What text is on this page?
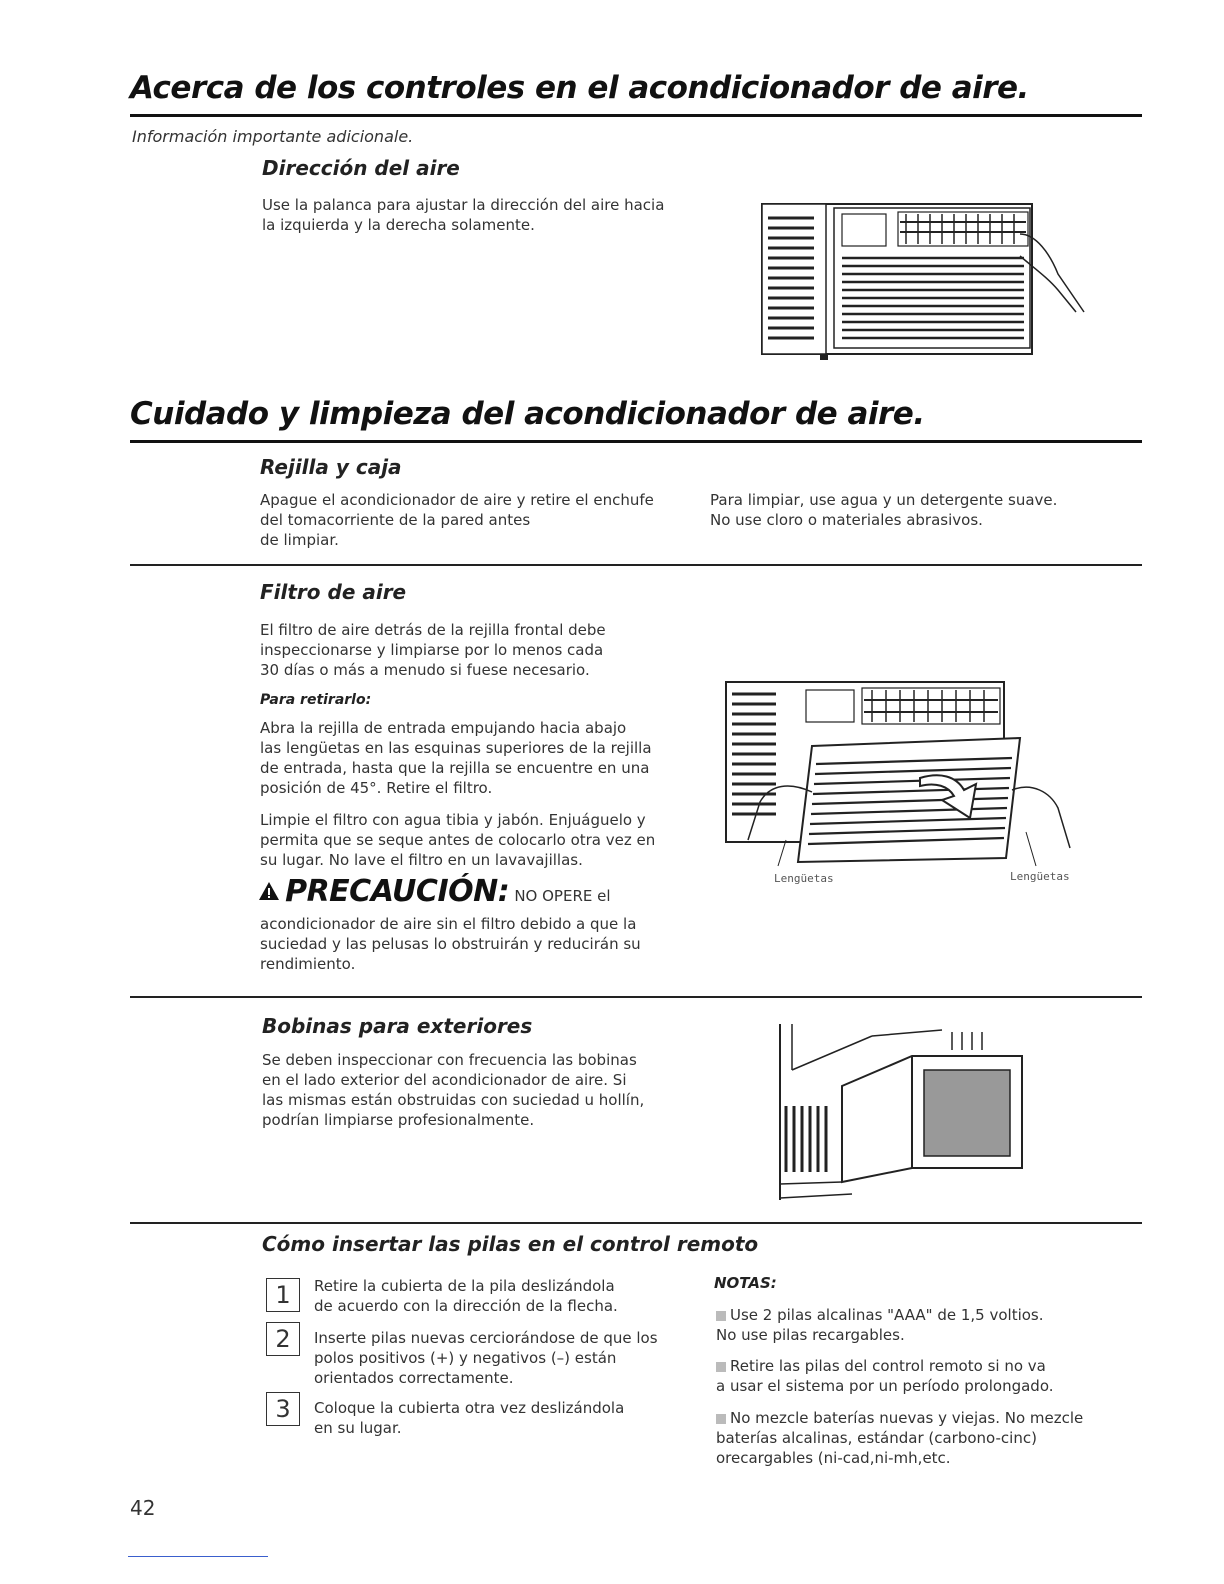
Acerca de los controles en el acondicionador de aire.
Información importante adicionale.
Dirección del aire
Use la palanca para ajustar la dirección del aire hacia
la izquierda y la derecha solamente.
Cuidado y limpieza del acondicionador de aire.
Rejilla y caja
Apague el acondicionador de aire y retire el enchufe
del tomacorriente de la pared antes
de limpiar.
Para limpiar, use agua y un detergente suave.
No use cloro o materiales abrasivos.
Filtro de aire
El filtro de aire detrás de la rejilla frontal debe
inspeccionarse y limpiarse por lo menos cada
30 días o más a menudo si fuese necesario.
Para retirarlo:
Abra la rejilla de entrada empujando hacia abajo
las lengüetas en las esquinas superiores de la rejilla
de entrada, hasta que la rejilla se encuentre en una
posición de 45°. Retire el filtro.
Limpie el filtro con agua tibia y jabón. Enjuáguelo y
permita que se seque antes de colocarlo otra vez en
su lugar. No lave el filtro en un lavavajillas.
PRECAUCIÓN: NO OPERE el
acondicionador de aire sin el filtro debido a que la
suciedad y las pelusas lo obstruirán y reducirán su
rendimiento.
Lengüetas	Lengüetas
Bobinas para exteriores
Se deben inspeccionar con frecuencia las bobinas
en el lado exterior del acondicionador de aire. Si
las mismas están obstruidas con suciedad u hollín,
podrían limpiarse profesionalmente.
Cómo insertar las pilas en el control remoto
1	Retire la cubierta de la pila deslizándola
de acuerdo con la dirección de la flecha.
2	Inserte pilas nuevas cerciorándose de que los
polos positivos (+) y negativos (–) están
orientados correctamente.
3	Coloque la cubierta otra vez deslizándola
en su lugar.
NOTAS:
Use 2 pilas alcalinas "AAA" de 1,5 voltios.
No use pilas recargables.
Retire las pilas del control remoto si no va
a usar el sistema por un período prolongado.
No mezcle baterías nuevas y viejas. No mezcle
baterías alcalinas, estándar (carbono-cinc)
orecargables (ni-cad,ni-mh,etc.
42
